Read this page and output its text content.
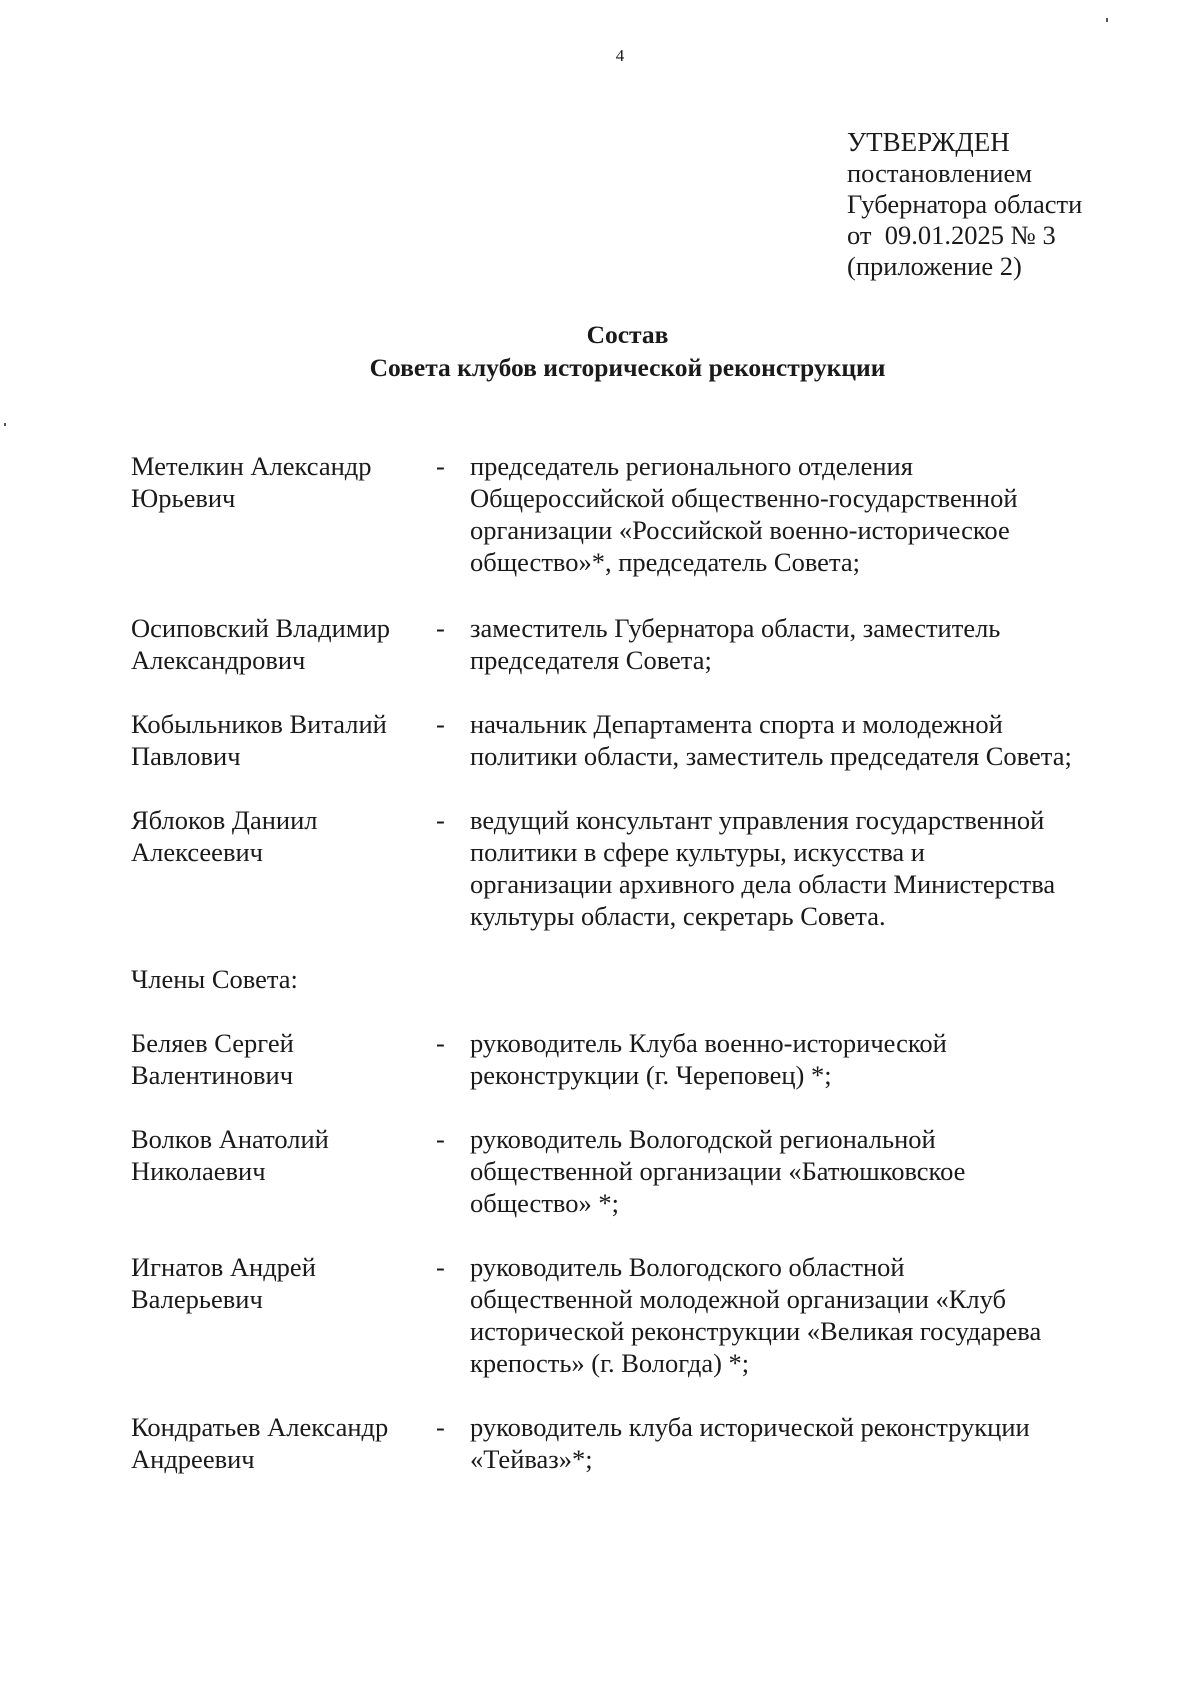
4
УТВЕРЖДЕН
постановлением
Губернатора области
от  09.01.2025 № 3
(приложение 2)
Состав
Совета клубов исторической реконструкции
Метелкин Александр
Юрьевич
- председатель регионального отделения
Общероссийской общественно-государственной
организации «Российской военно-историческое
общество»*, председатель Совета;
Осиповский Владимир
Александрович
- заместитель Губернатора области, заместитель
председателя Совета;
Кобыльников Виталий
Павлович
- начальник Департамента спорта и молодежной
политики области, заместитель председателя Совета;
Яблоков Даниил
Алексеевич
- ведущий консультант управления государственной
политики в сфере культуры, искусства и
организации архивного дела области Министерства
культуры области, секретарь Совета.
Члены Совета:
Беляев Сергей
Валентинович
- руководитель Клуба военно-исторической
реконструкции (г. Череповец) *;
Волков Анатолий
Николаевич
- руководитель Вологодской региональной
общественной организации «Батюшковское
общество» *;
Игнатов Андрей
Валерьевич
- руководитель Вологодского областной
общественной молодежной организации «Клуб
исторической реконструкции «Великая государева
крепость» (г. Вологда) *;
Кондратьев Александр
Андреевич
- руководитель клуба исторической реконструкции
«Тейваз»*;
